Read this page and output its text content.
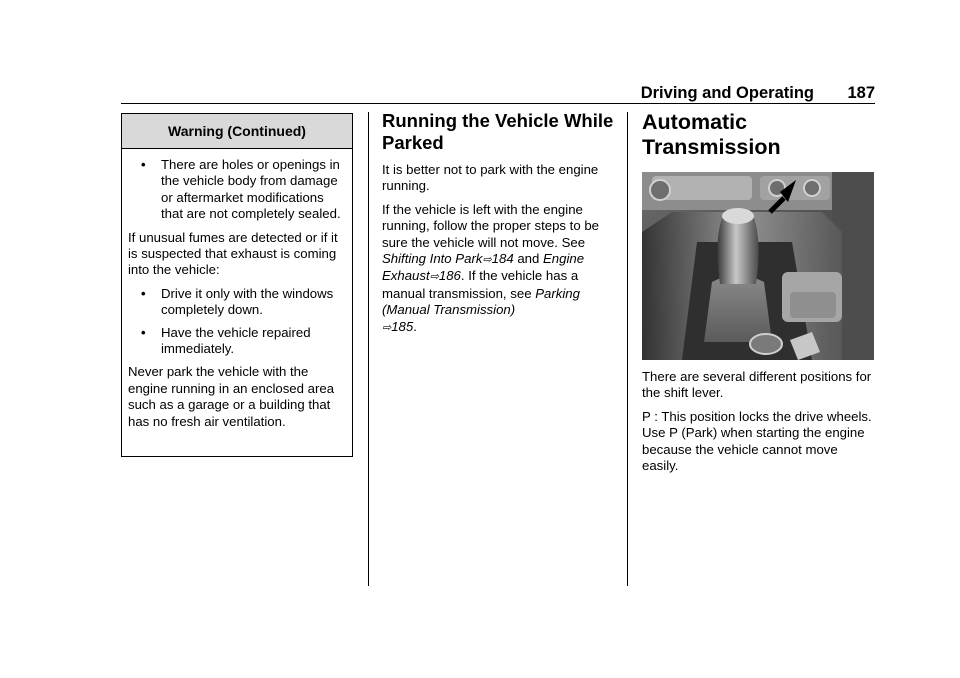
Driving and Operating 187
Warning (Continued)
• There are holes or openings in the vehicle body from damage or aftermarket modifications that are not completely sealed.

If unusual fumes are detected or if it is suspected that exhaust is coming into the vehicle:

• Drive it only with the windows completely down.
• Have the vehicle repaired immediately.

Never park the vehicle with the engine running in an enclosed area such as a garage or a building that has no fresh air ventilation.

Running the Vehicle While Parked

It is better not to park with the engine running.

If the vehicle is left with the engine running, follow the proper steps to be sure the vehicle will not move. See Shifting Into Park⇨184 and Engine Exhaust⇨186. If the vehicle has a manual transmission, see Parking (Manual Transmission)
⇨185.

Automatic Transmission

There are several different positions for the shift lever.

P : This position locks the drive wheels. Use P (Park) when starting the engine because the vehicle cannot move easily.
